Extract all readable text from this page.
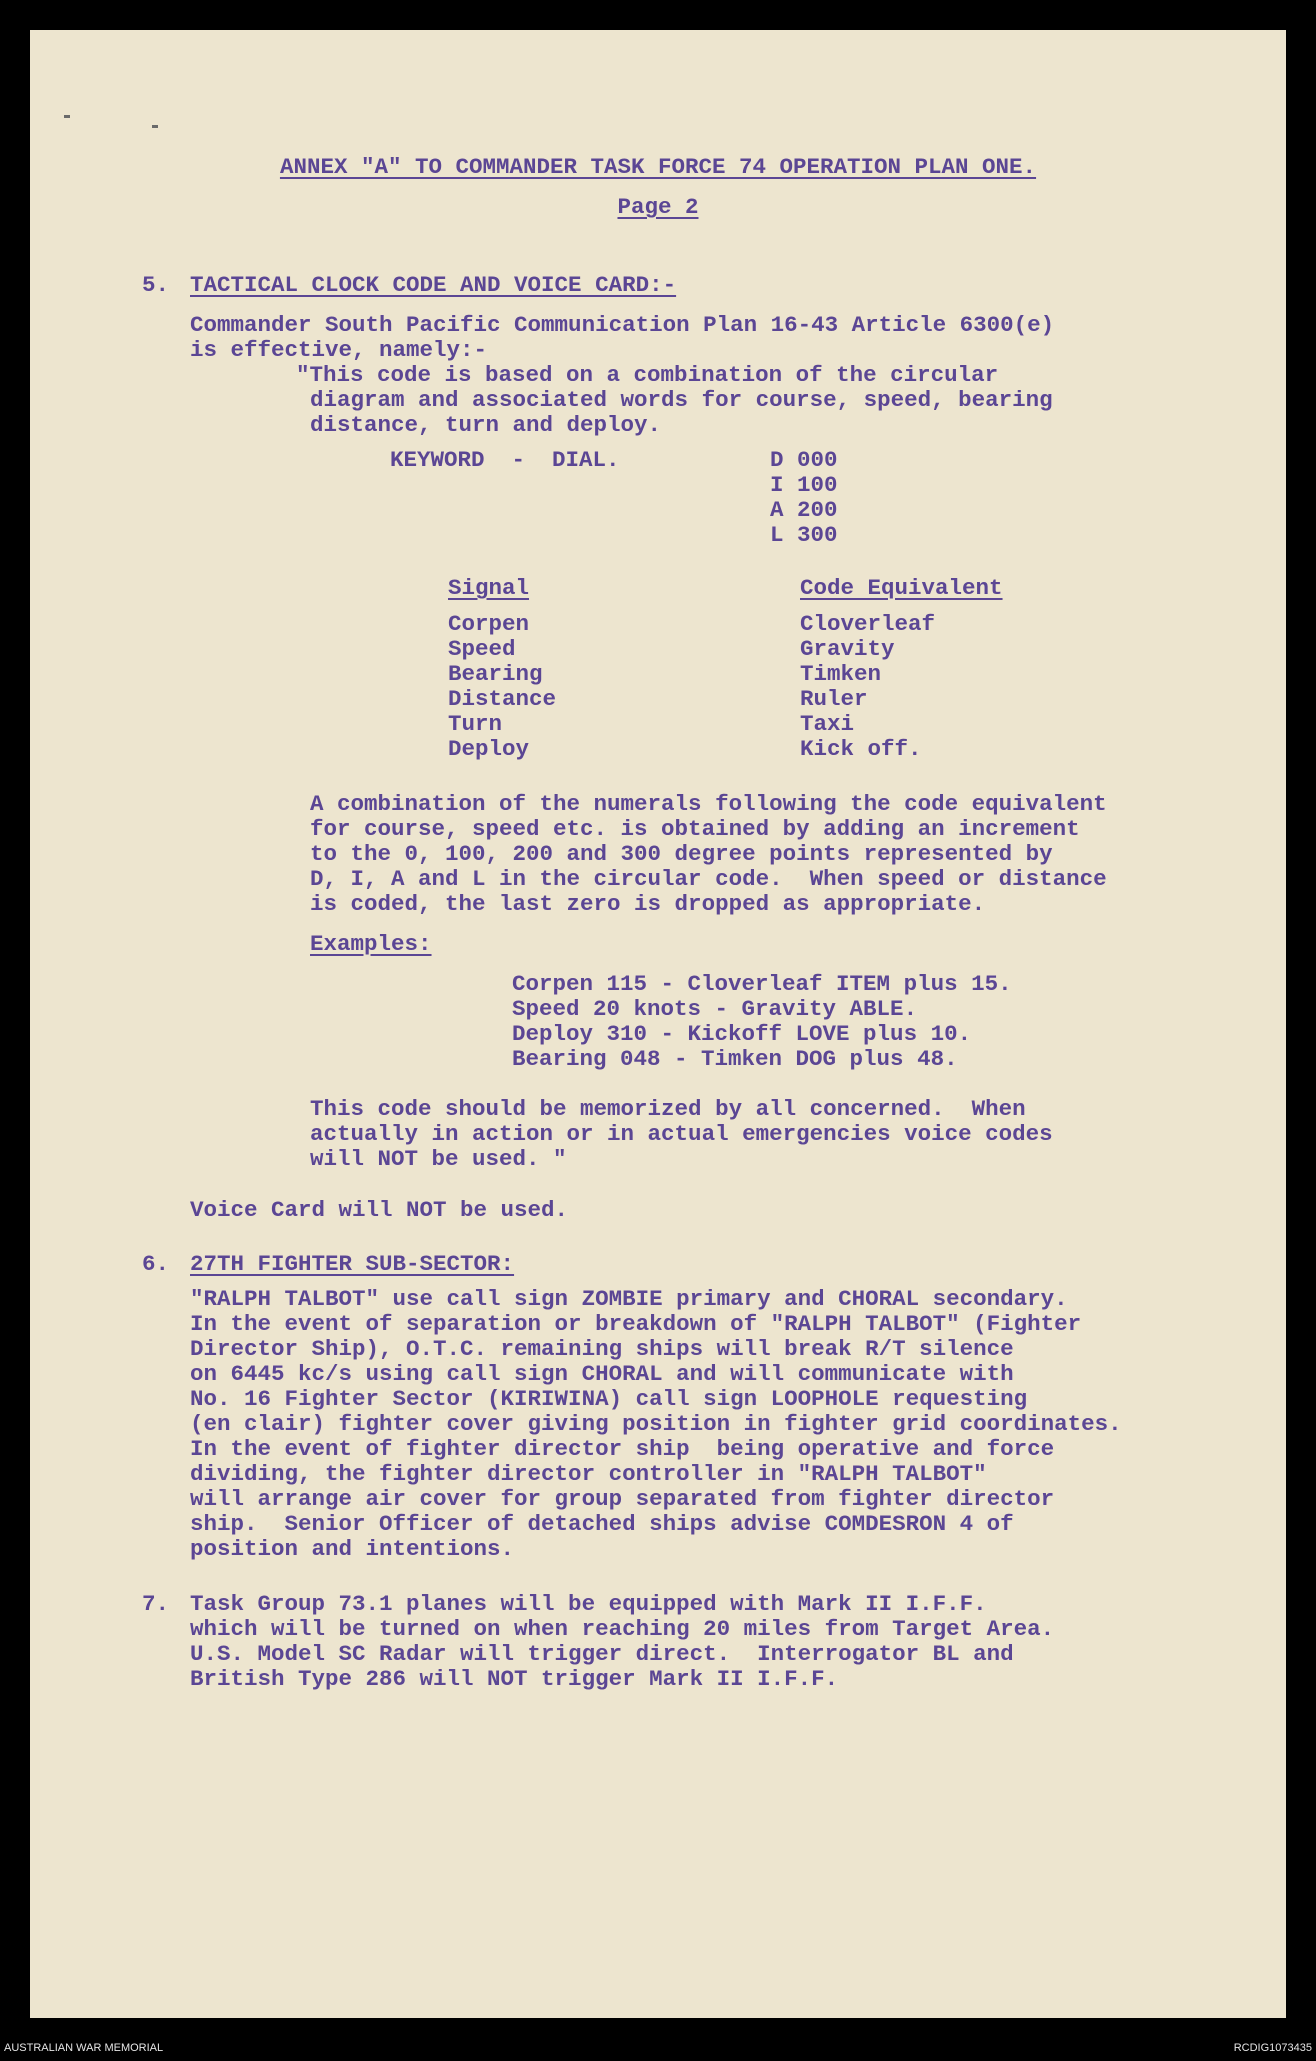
ANNEX "A" TO COMMANDER TASK FORCE 74 OPERATION PLAN ONE.
Page 2
5. TACTICAL CLOCK CODE AND VOICE CARD:-
Commander South Pacific Communication Plan 16-43 Article 6300(e)
is effective, namely:-
"This code is based on a combination of the circular
diagram and associated words for course, speed, bearing
distance, turn and deploy.
KEYWORD  -  DIAL.	D 000
I 100
A 200
L 300
Signal	Code Equivalent
Corpen	Cloverleaf
Speed	Gravity
Bearing	Timken
Distance	Ruler
Turn	Taxi
Deploy	Kick off.
A combination of the numerals following the code equivalent
for course, speed etc. is obtained by adding an increment
to the 0, 100, 200 and 300 degree points represented by
D, I, A and L in the circular code.  When speed or distance
is coded, the last zero is dropped as appropriate.
Examples:
Corpen 115 - Cloverleaf ITEM plus 15.
Speed 20 knots - Gravity ABLE.
Deploy 310 - Kickoff LOVE plus 10.
Bearing 048 - Timken DOG plus 48.
This code should be memorized by all concerned.  When
actually in action or in actual emergencies voice codes
will NOT be used. "
Voice Card will NOT be used.
6. 27TH FIGHTER SUB-SECTOR:
"RALPH TALBOT" use call sign ZOMBIE primary and CHORAL secondary.
In the event of separation or breakdown of "RALPH TALBOT" (Fighter
Director Ship), O.T.C. remaining ships will break R/T silence
on 6445 kc/s using call sign CHORAL and will communicate with
No. 16 Fighter Sector (KIRIWINA) call sign LOOPHOLE requesting
(en clair) fighter cover giving position in fighter grid coordinates.
In the event of fighter director ship  being operative and force
dividing, the fighter director controller in "RALPH TALBOT"
will arrange air cover for group separated from fighter director
ship.  Senior Officer of detached ships advise COMDESRON 4 of
position and intentions.
7. Task Group 73.1 planes will be equipped with Mark II I.F.F.
which will be turned on when reaching 20 miles from Target Area.
U.S. Model SC Radar will trigger direct.  Interrogator BL and
British Type 286 will NOT trigger Mark II I.F.F.
AUSTRALIAN WAR MEMORIAL	RCDIG1073435
